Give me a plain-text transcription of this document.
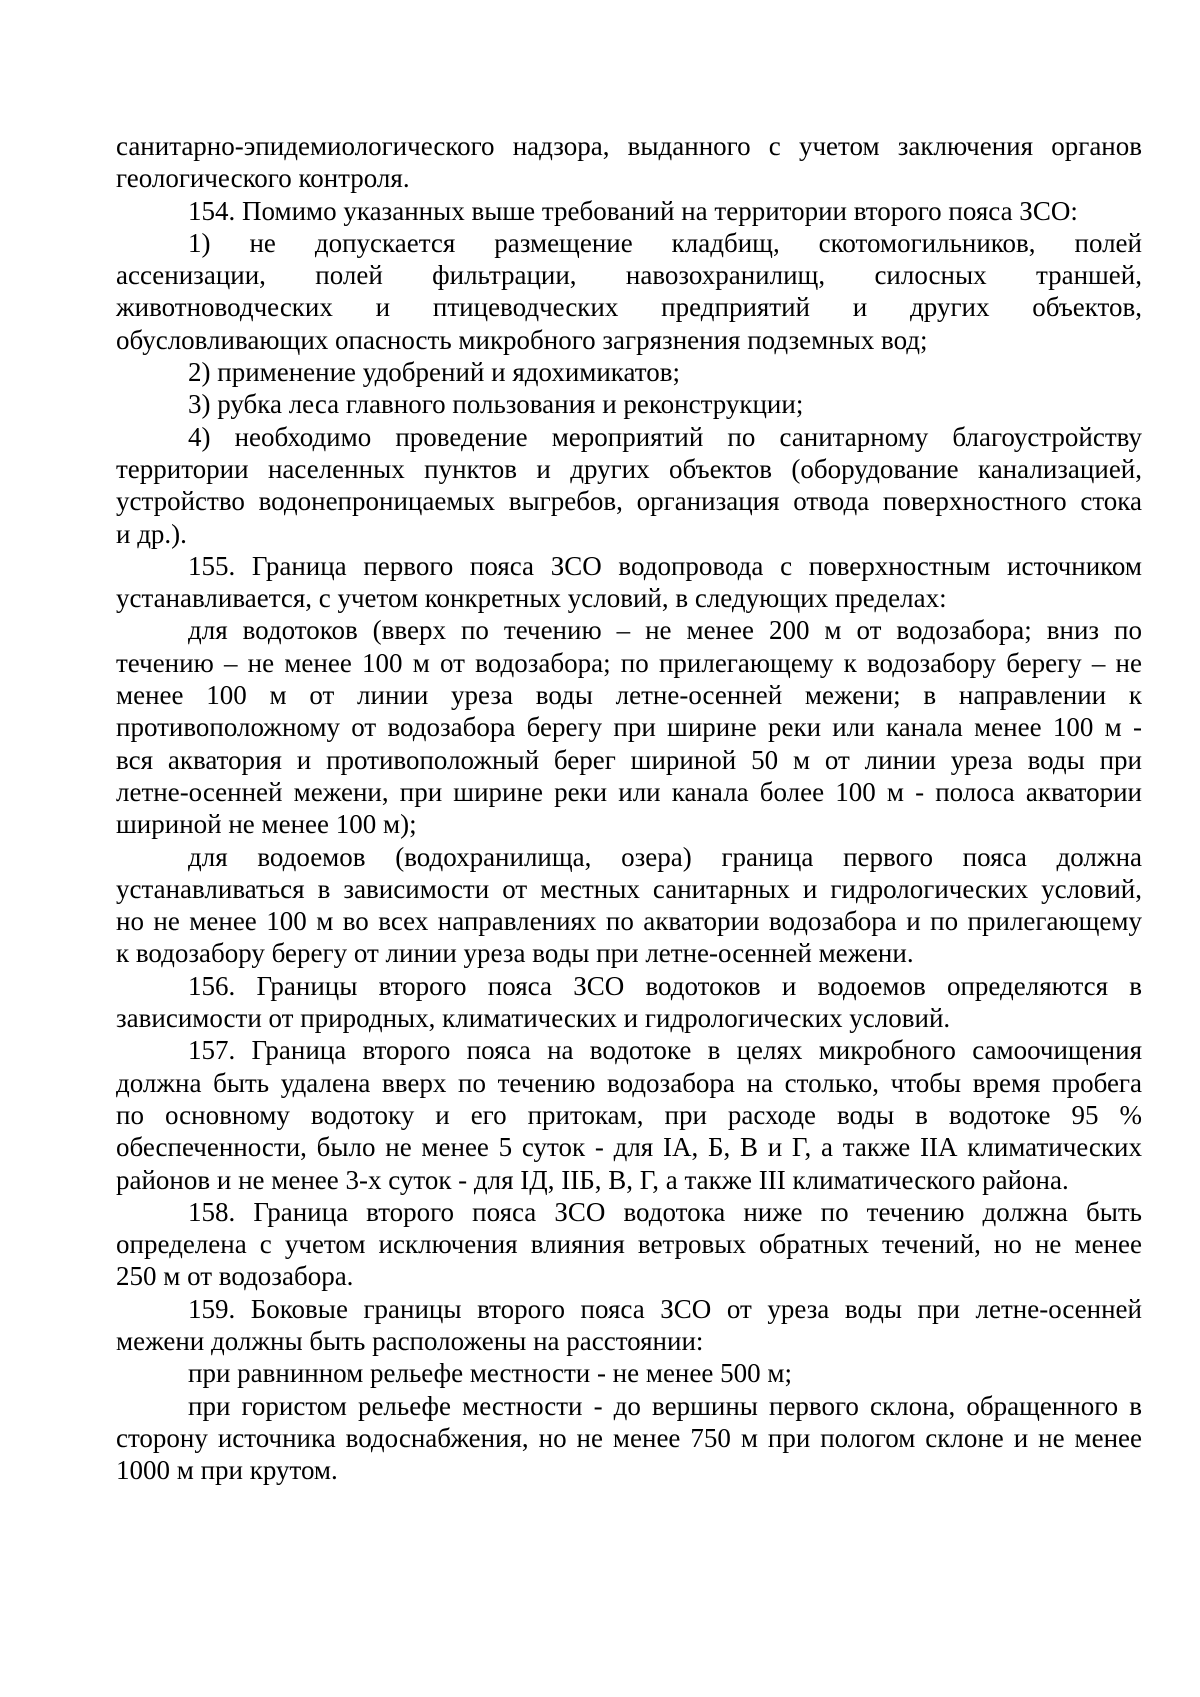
санитарно-эпидемиологического надзора, выданного с учетом заключения органов
геологического контроля.
154. Помимо указанных выше требований на территории второго пояса ЗСО:
1) не допускается размещение кладбищ, скотомогильников, полей
ассенизации, полей фильтрации, навозохранилищ, силосных траншей,
животноводческих и птицеводческих предприятий и других объектов,
обусловливающих опасность микробного загрязнения подземных вод;
2) применение удобрений и ядохимикатов;
3) рубка леса главного пользования и реконструкции;
4) необходимо проведение мероприятий по санитарному благоустройству
территории населенных пунктов и других объектов (оборудование канализацией,
устройство водонепроницаемых выгребов, организация отвода поверхностного стока
и др.).
155. Граница первого пояса ЗСО водопровода с поверхностным источником
устанавливается, с учетом конкретных условий, в следующих пределах:
для водотоков (вверх по течению – не менее 200 м от водозабора; вниз по
течению – не менее 100 м от водозабора; по прилегающему к водозабору берегу – не
менее 100 м от линии уреза воды летне-осенней межени; в направлении к
противоположному от водозабора берегу при ширине реки или канала менее 100 м -
вся акватория и противоположный берег шириной 50 м от линии уреза воды при
летне-осенней межени, при ширине реки или канала более 100 м - полоса акватории
шириной не менее 100 м);
для водоемов (водохранилища, озера) граница первого пояса должна
устанавливаться в зависимости от местных санитарных и гидрологических условий,
но не менее 100 м во всех направлениях по акватории водозабора и по прилегающему
к водозабору берегу от линии уреза воды при летне-осенней межени.
156. Границы второго пояса ЗСО водотоков и водоемов определяются в
зависимости от природных, климатических и гидрологических условий.
157. Граница второго пояса на водотоке в целях микробного самоочищения
должна быть удалена вверх по течению водозабора на столько, чтобы время пробега
по основному водотоку и его притокам, при расходе воды в водотоке 95 %
обеспеченности, было не менее 5 суток - для IА, Б, В и Г, а также IIА климатических
районов и не менее 3-х суток - для IД, IIБ, В, Г, а также III климатического района.
158. Граница второго пояса ЗСО водотока ниже по течению должна быть
определена с учетом исключения влияния ветровых обратных течений, но не менее
250 м от водозабора.
159. Боковые границы второго пояса ЗСО от уреза воды при летне-осенней
межени должны быть расположены на расстоянии:
при равнинном рельефе местности - не менее 500 м;
при гористом рельефе местности - до вершины первого склона, обращенного в
сторону источника водоснабжения, но не менее 750 м при пологом склоне и не менее
1000 м при крутом.
